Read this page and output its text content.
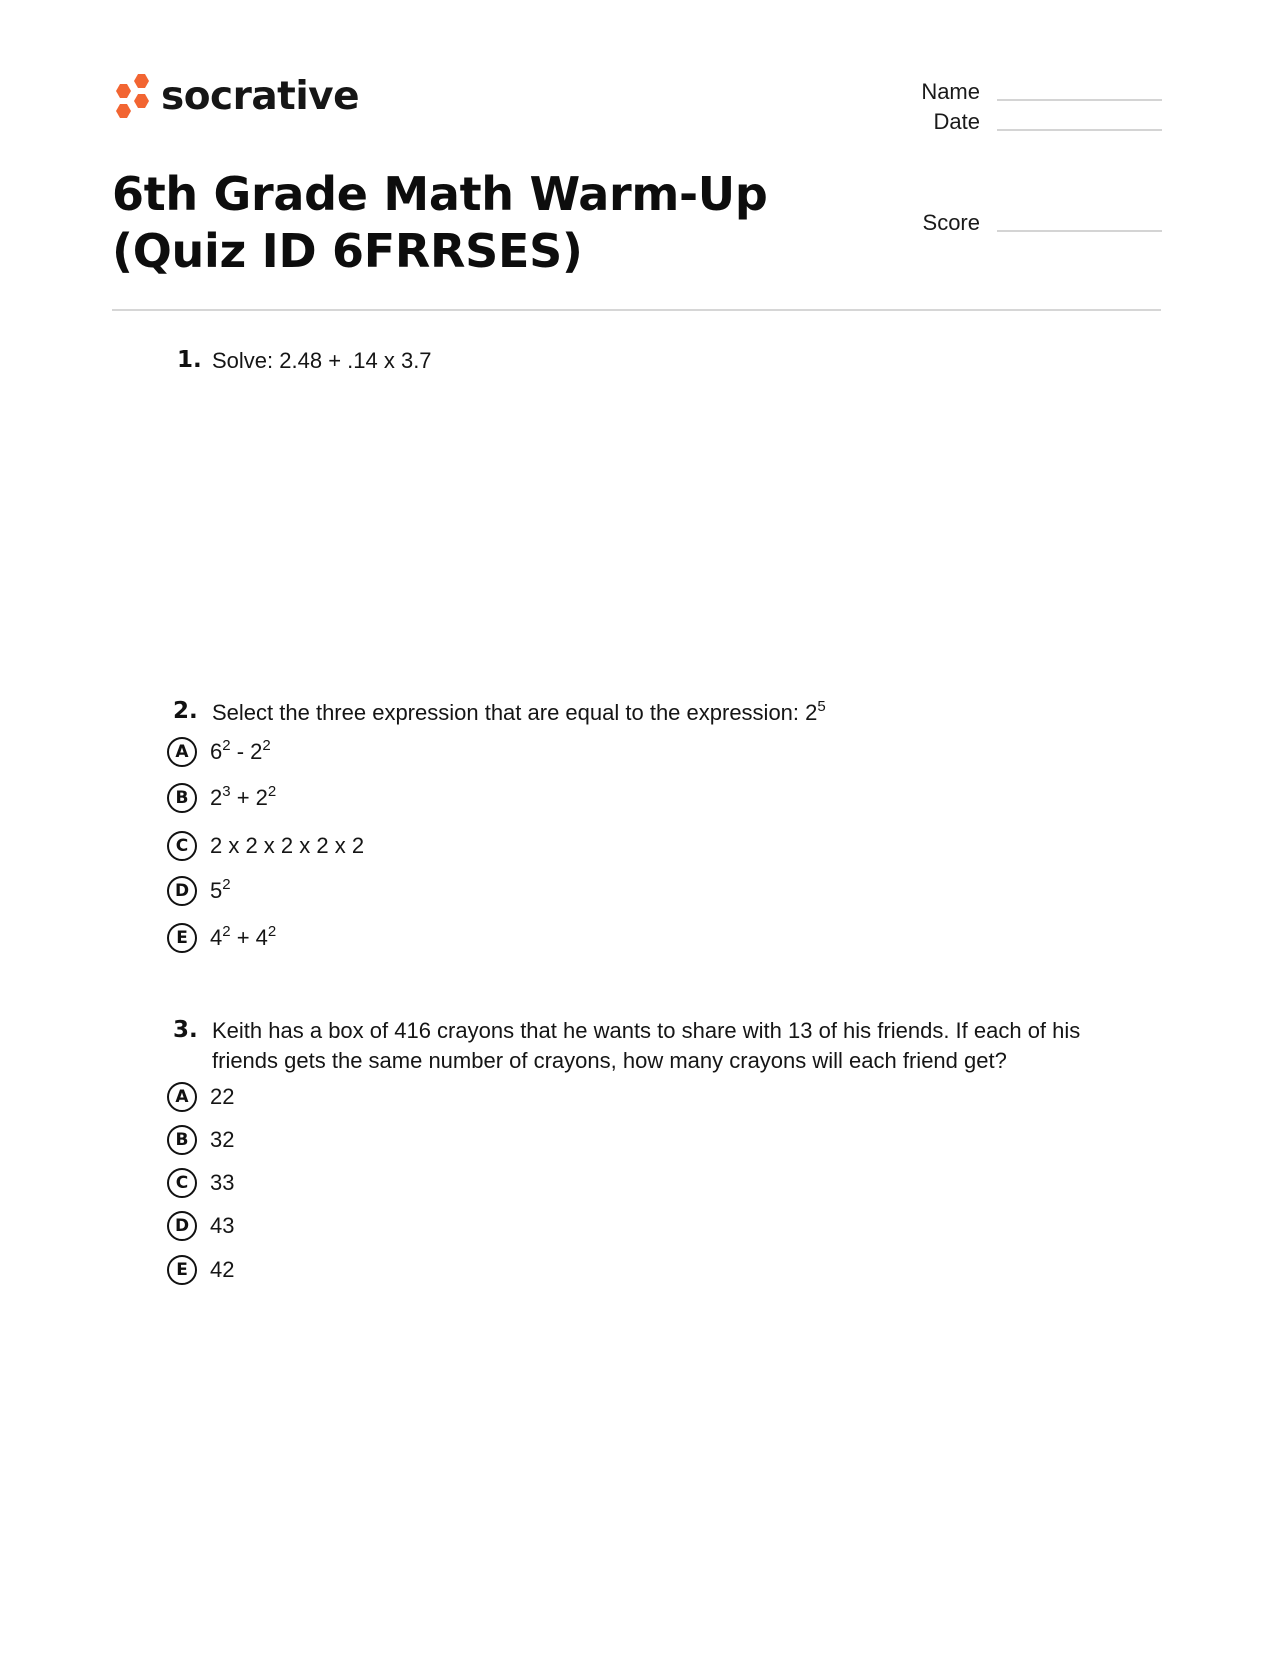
socrative	Name
Date
Score
6th Grade Math Warm-Up (Quiz ID 6FRRSES)
1. Solve: 2.48 + .14 x 3.7
2. Select the three expression that are equal to the expression: $2^5$
A $6^2 - 2^2$
B $2^3 + 2^2$
C 2 x 2 x 2 x 2 x 2
D $5^2$
E	$4^2 + 4^2$
3. Keith has a box of 416 crayons that he wants to share with 13 of his friends. If each of his
friends gets the same number of crayons, how many crayons will each friend get?
A 22
B 32
C 33
D 43
E	42
